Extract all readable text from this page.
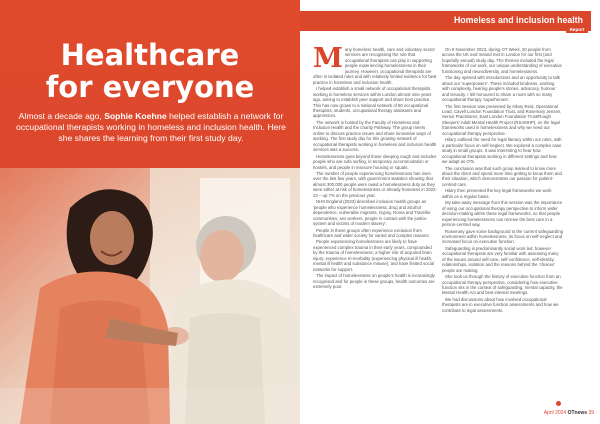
Healthcare
for everyone

Almost a decade ago, Sophie Koehne helped establish a network for occupational therapists working in homeless and inclusion health. Here she shares the learning from their first study day.

Homeless and inclusion health
Report
M any homeless health, care and voluntary sector services are recognising the role that occupational therapists can play in supporting people experiencing homelessness in their journey. However, occupational therapists are often in isolated roles and with relatively limited evidence for best practice in homeless and inclusion health.

I helped establish a small network of occupational therapists working in homeless services within London almost nine years ago, aiming to establish peer support and share best practice. This has now grown to a national network of 60 occupational therapists, students, occupational therapy assistants and apprentices.

The network is hosted by the Faculty of Homeless and Inclusion Health and the charity Pathway. The group meets online to discuss practice issues and share innovative ways of working. The first study day for this growing network of occupational therapists working in homeless and inclusion health services was a success.

Homelessness goes beyond those sleeping rough and includes people who are sofa surfing, in temporary accommodation or hostels, and people in insecure housing or squats.

The number of people experiencing homelessness has risen over the last few years, with government statistics showing that almost 300,000 people were owed a homelessness duty as they were either at risk of homelessness or already homeless in 2022-23 – up 7% on the previous year.

NHS England (2023) describes inclusion health groups as 'people who experience homelessness, drug and alcohol dependence, vulnerable migrants, Gypsy, Roma and Traveller communities, sex workers, people in contact with the justice system and victims of modern slavery'.

People in these groups often experience exclusion from healthcare and wider society for varied and complex reasons.

People experiencing homelessness are likely to have experienced complex trauma in their early years, compounded by the trauma of homelessness; a higher risk of acquired brain injury; experience tri-morbidity (experiencing physical ill health, mental ill health and substance misuse); and have limited social networks for support.

The impact of homelessness on people's health is increasingly recognised and for people in these groups, health outcomes are extremely poor.

On 9 November 2023, during OT Week, 20 people from across the UK and Ireland met in London for our first (and hopefully annual) study day. The themes included the legal frameworks of our work, our unique understanding of executive functioning and neurodiversity, and homelessness.

The day opened with introductions and an opportunity to talk about our 'superpowers'. These included kindness, working with complexity, hearing people's stories, advocacy, humour and tenacity. I felt honoured to share a room with so many occupational therapy 'superheroes'.

The first session was presented by Hilary Reid, Operational Lead, Cavell London Foundation Trust, and Rosemary Jensen, Senior Practitioner, East London Foundation Trust/Rough Sleepers' Adult Mental Health Project (RSAMHP), on the legal frameworks used in homelessness and why we need our occupational therapy perspective.

Hilary outlined the need for legal literacy within our roles, with a particular focus on self-neglect. We explored a complex case study in small groups. It was interesting to hear how occupational therapists working in different settings and how we adapt as OTs.

The conclusion was that such group learned to know more about the client and spend more time getting to know them and their situation, which demonstrates our passion for patient-centred care.

Hilary then presented the key legal frameworks we work within on a regular basis.

My take-away message from this session was the importance of using our occupational therapy perspective to inform wider decision-making within these legal frameworks, so that people experiencing homelessness can receive the best care in a person-centred way.

Rosemary gave some background to the current safeguarding environment within homelessness, its focus on self-neglect and increased focus on executive function.

Safeguarding is predominantly social work led, however occupational therapists are very familiar with assessing many of the issues around self-care, self-confidence, self-identity, relationships, isolation and the reasons behind the 'choices' people are making.

She took us through the history of executive function from an occupational therapy perspective, considering how executive function sits in the context of safeguarding, mental capacity, the Mental Health Act and best interest meetings.

We had discussions about how involved occupational therapists are in executive function assessments and how we contribute to legal assessments.

April 2024 OTnews 39
